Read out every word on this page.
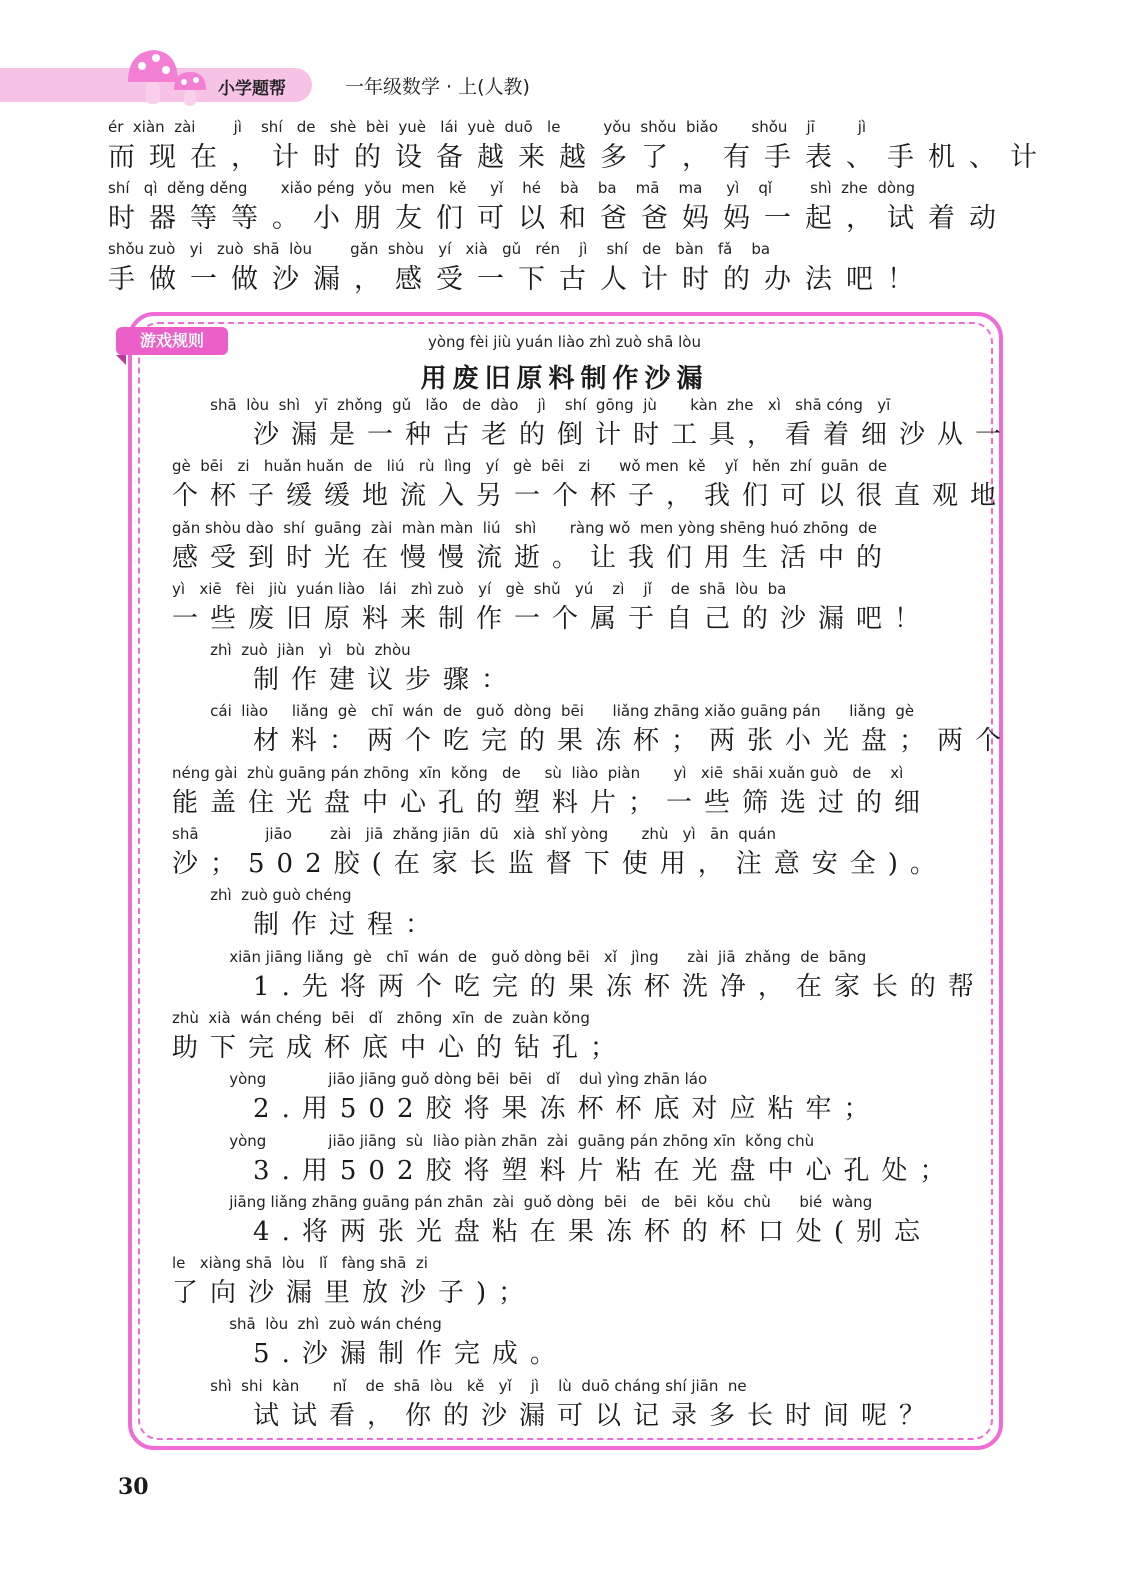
小学题帮	一年级数学 · 上(人教)
ér  xiàn  zài        jì    shí   de   shè  bèi  yuè   lái  yuè  duō   le         yǒu  shǒu  biǎo       shǒu    jī         jì
而现在，计时的设备越来越多了，有手表、手机、计
shí   qì  děng děng       xiǎo péng  yǒu  men   kě     yǐ    hé    bà    ba    mā    ma     yì    qǐ        shì  zhe  dòng
时器等等。小朋友们可以和爸爸妈妈一起，试着动
shǒu zuò   yi   zuò  shā  lòu        gǎn  shòu   yí   xià   gǔ   rén    jì    shí   de   bàn   fǎ    ba
手做一做沙漏，感受一下古人计时的办法吧！
游戏规则	yòng fèi jiù yuán liào zhì zuò shā lòu
用废旧原料制作沙漏
shā  lòu  shì   yī  zhǒng  gǔ   lǎo   de  dào    jì    shí  gōng  jù       kàn  zhe   xì   shā cóng   yī
沙漏是一种古老的倒计时工具，看着细沙从一
gè  bēi   zi   huǎn huǎn  de   liú   rù  lìng   yí   gè  bēi   zi      wǒ men  kě    yǐ   hěn  zhí  guān  de
个杯子缓缓地流入另一个杯子，我们可以很直观地
gǎn shòu dào  shí  guāng  zài  màn màn  liú   shì       ràng wǒ  men yòng shēng huó zhōng  de
感受到时光在慢慢流逝。让我们用生活中的
yì   xiē   fèi   jiù  yuán liào   lái   zhì zuò   yí   gè  shǔ   yú    zì    jǐ    de  shā  lòu  ba
一些废旧原料来制作一个属于自己的沙漏吧！
zhì  zuò  jiàn   yì   bù  zhòu
制作建议步骤：
cái  liào     liǎng  gè   chī  wán  de   guǒ  dòng  bēi      liǎng zhāng xiǎo guāng pán      liǎng  gè
材料：两个吃完的果冻杯；两张小光盘；两个
néng gài  zhù guāng pán zhōng  xīn  kǒng   de     sù  liào  piàn       yì   xiē  shāi xuǎn guò   de    xì
能盖住光盘中心孔的塑料片；一些筛选过的细
shā              jiāo        zài   jiā  zhǎng jiān  dū   xià  shǐ yòng       zhù   yì   ān  quán
沙；502胶(在家长监督下使用，注意安全)。
zhì  zuò guò chéng
制作过程：
xiān jiāng liǎng  gè   chī  wán  de   guǒ dòng bēi   xǐ   jìng      zài  jiā  zhǎng  de  bāng
1.先将两个吃完的果冻杯洗净，在家长的帮
zhù  xià  wán chéng  bēi   dǐ   zhōng  xīn  de  zuàn kǒng
助下完成杯底中心的钻孔；
yòng             jiāo jiāng guǒ dòng bēi  bēi   dǐ    duì yìng zhān láo
2.用502胶将果冻杯杯底对应粘牢；
yòng             jiāo jiāng  sù  liào piàn zhān  zài  guāng pán zhōng xīn  kǒng chù
3.用502胶将塑料片粘在光盘中心孔处；
jiāng liǎng zhāng guāng pán zhān  zài  guǒ dòng  bēi   de   bēi  kǒu  chù      bié  wàng
4.将两张光盘粘在果冻杯的杯口处(别忘
le   xiàng shā  lòu   lǐ   fàng shā  zi
了向沙漏里放沙子)；
shā  lòu  zhì  zuò wán chéng
5.沙漏制作完成。
shì  shi  kàn       nǐ    de  shā  lòu   kě   yǐ    jì    lù  duō cháng shí jiān  ne
试试看，你的沙漏可以记录多长时间呢？
30
